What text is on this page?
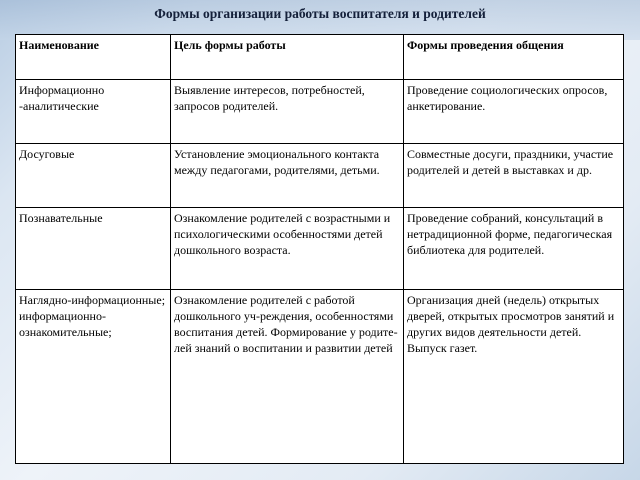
Формы организации работы воспитателя и родителей
Наименование	Цель формы работы	Формы проведения общения
Информационно -аналитические	Выявление интересов, потребностей, запросов родителей.	Проведение социологических опросов, анкетирование.
Досуговые	Установление эмоционального контакта между педагогами, родителями, детьми.	Совместные досуги, праздники, участие родителей и детей в выставках и др.
Познавательные	Ознакомление родителей с возрастными и психологическими особенностями детей дошкольного возраста.	Проведение собраний, консультаций в нетрадиционной форме, педагогическая библиотека для родителей.
Наглядно-информационные; информационно-ознакомительные;	Ознакомление родителей с работой дошкольного уч-реждения, особенностями воспитания детей. Формирование у родите-лей знаний о воспитании и развитии детей	Организация дней (недель) открытых дверей, открытых просмотров занятий и других видов деятельности детей. Выпуск газет.
